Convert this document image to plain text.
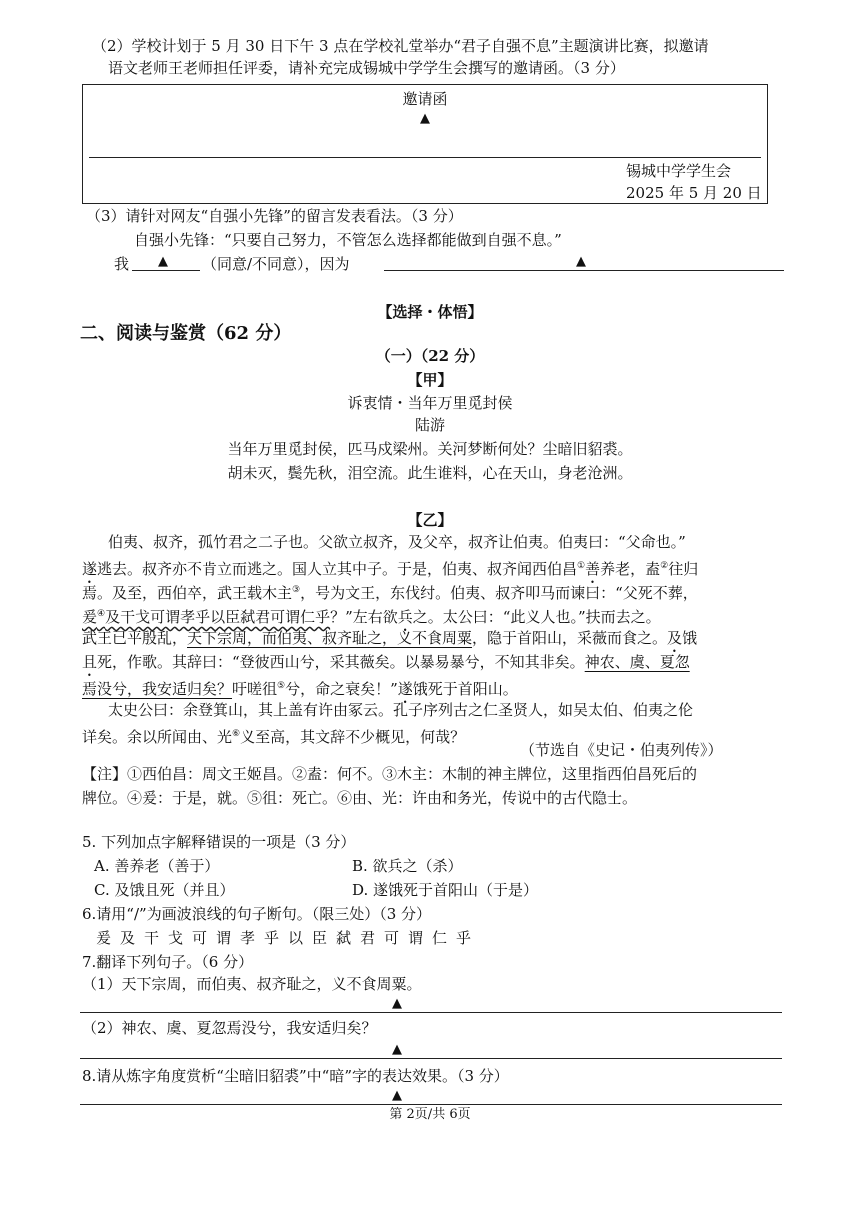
（2）学校计划于 5 月 30 日下午 3 点在学校礼堂举办“君子自强不息”主题演讲比赛，拟邀请
语文老师王老师担任评委，请补充完成锡城中学学生会撰写的邀请函。（3 分）
邀请函
▲
锡城中学学生会
2025 年 5 月 20 日
（3）请针对网友“自强小先锋”的留言发表看法。（3 分）
自强小先锋：“只要自己努力，不管怎么选择都能做到自强不息。”
我 ▲ （同意/不同意），因为	▲
【选择・体悟】
二、阅读与鉴赏（62 分）
（一）（22 分）
【甲】
诉衷情・当年万里觅封侯
陆游
当年万里觅封侯，匹马戍梁州。关河梦断何处？尘暗旧貂裘。
胡未灭，鬓先秋，泪空流。此生谁料，心在天山，身老沧洲。
【乙】
伯夷、叔齐，孤竹君之二子也。父欲立叔齐，及父卒，叔齐让伯夷。伯夷曰：“父命也。”
遂逃去。叔齐亦不肯立而逃之。国人立其中子。于是，伯夷、叔齐闻西伯昌①善养老，盍②往归
焉。及至，西伯卒，武王载木主③，号为文王，东伐纣。伯夷、叔齐叩马而谏曰：“父死不葬，
爰④及干戈可谓孝乎以臣弑君可谓仁乎？”左右欲兵之。太公曰：“此义人也。”扶而去之。
武王已平殷乱，天下宗周，而伯夷、叔齐耻之，义不食周粟，隐于首阳山，采薇而食之。及饿
且死，作歌。其辞曰：“登彼西山兮，采其薇矣。以暴易暴兮，不知其非矣。神农、虞、夏忽
焉没兮，我安适归矣？吁嗟徂⑤兮，命之衰矣！”遂饿死于首阳山。
太史公曰：余登箕山，其上盖有许由冢云。孔子序列古之仁圣贤人，如吴太伯、伯夷之伦
详矣。余以所闻由、光⑥义至高，其文辞不少概见，何哉？
（节选自《史记・伯夷列传》）
【注】①西伯昌：周文王姬昌。②盍：何不。③木主：木制的神主牌位，这里指西伯昌死后的
牌位。④爰：于是，就。⑤徂：死亡。⑥由、光：许由和务光，传说中的古代隐士。
5. 下列加点字解释错误的一项是（3 分）
A. 善养老（善于）	B. 欲兵之（杀）
C. 及饿且死（并且）	D. 遂饿死于首阳山（于是）
6.请用“/”为画波浪线的句子断句。（限三处）（3 分）
爰及干戈可谓孝乎以臣弑君可谓仁乎
7.翻译下列句子。（6 分）
（1）天下宗周，而伯夷、叔齐耻之，义不食周粟。
▲
（2）神农、虞、夏忽焉没兮，我安适归矣？
▲
8.请从炼字角度赏析“尘暗旧貂裘”中“暗”字的表达效果。（3 分）
▲
第 2页/共 6页
